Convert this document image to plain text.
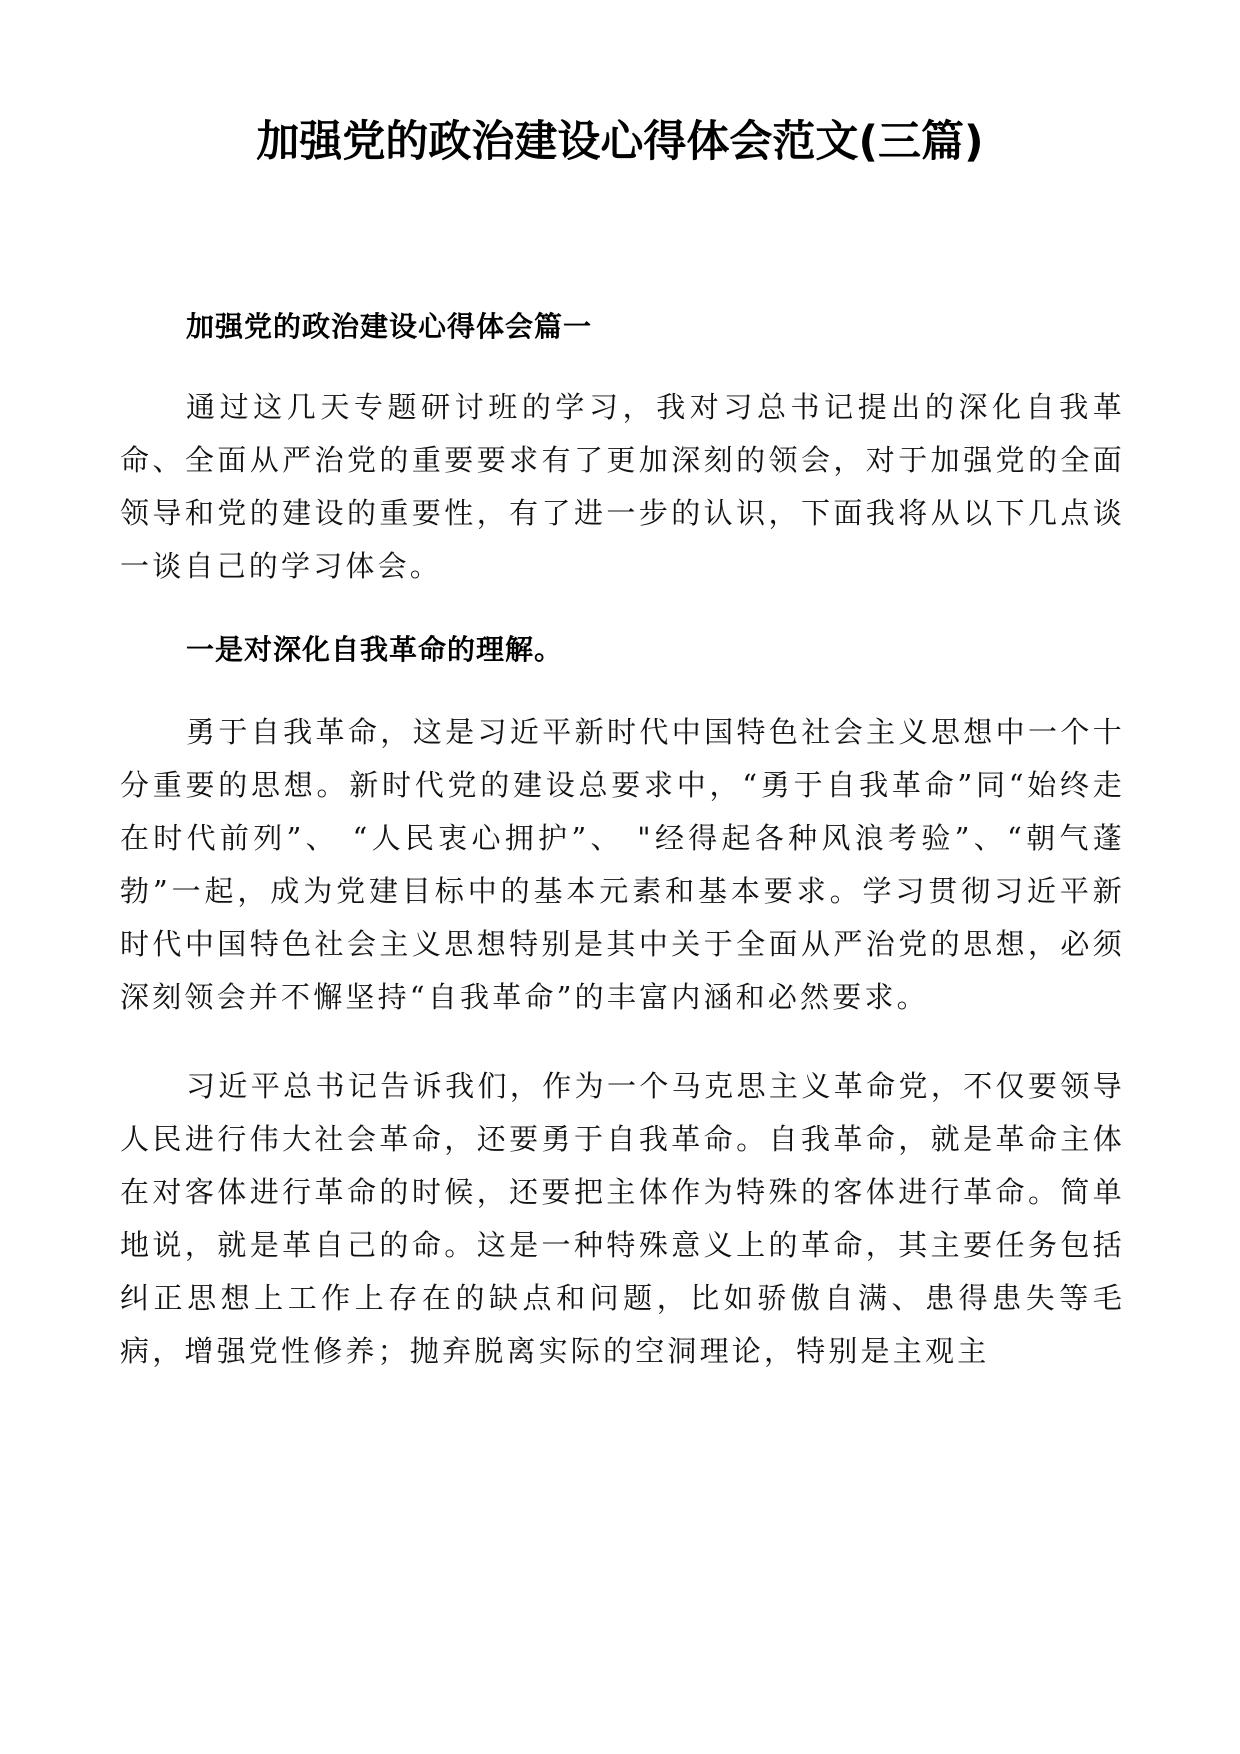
加强党的政治建设心得体会范文(三篇)
加强党的政治建设心得体会篇一

通过这几天专题研讨班的学习，我对习总书记提出的深化自我革命、全面从严治党的重要要求有了更加深刻的领会，对于加强党的全面领导和党的建设的重要性，有了进一步的认识，下面我将从以下几点谈一谈自己的学习体会。

一是对深化自我革命的理解。

勇于自我革命，这是习近平新时代中国特色社会主义思想中一个十分重要的思想。新时代党的建设总要求中，“勇于自我革命”同“始终走在时代前列”、 “人民衷心拥护”、 "经得起各种风浪考验”、“朝气蓬勃”一起，成为党建目标中的基本元素和基本要求。学习贯彻习近平新时代中国特色社会主义思想特别是其中关于全面从严治党的思想，必须深刻领会并不懈坚持“自我革命”的丰富内涵和必然要求。

习近平总书记告诉我们，作为一个马克思主义革命党，不仅要领导人民进行伟大社会革命，还要勇于自我革命。自我革命，就是革命主体在对客体进行革命的时候，还要把主体作为特殊的客体进行革命。简单地说，就是革自己的命。这是一种特殊意义上的革命，其主要任务包括纠正思想上工作上存在的缺点和问题，比如骄傲自满、患得患失等毛病，增强党性修养；抛弃脱离实际的空洞理论，特别是主观主
